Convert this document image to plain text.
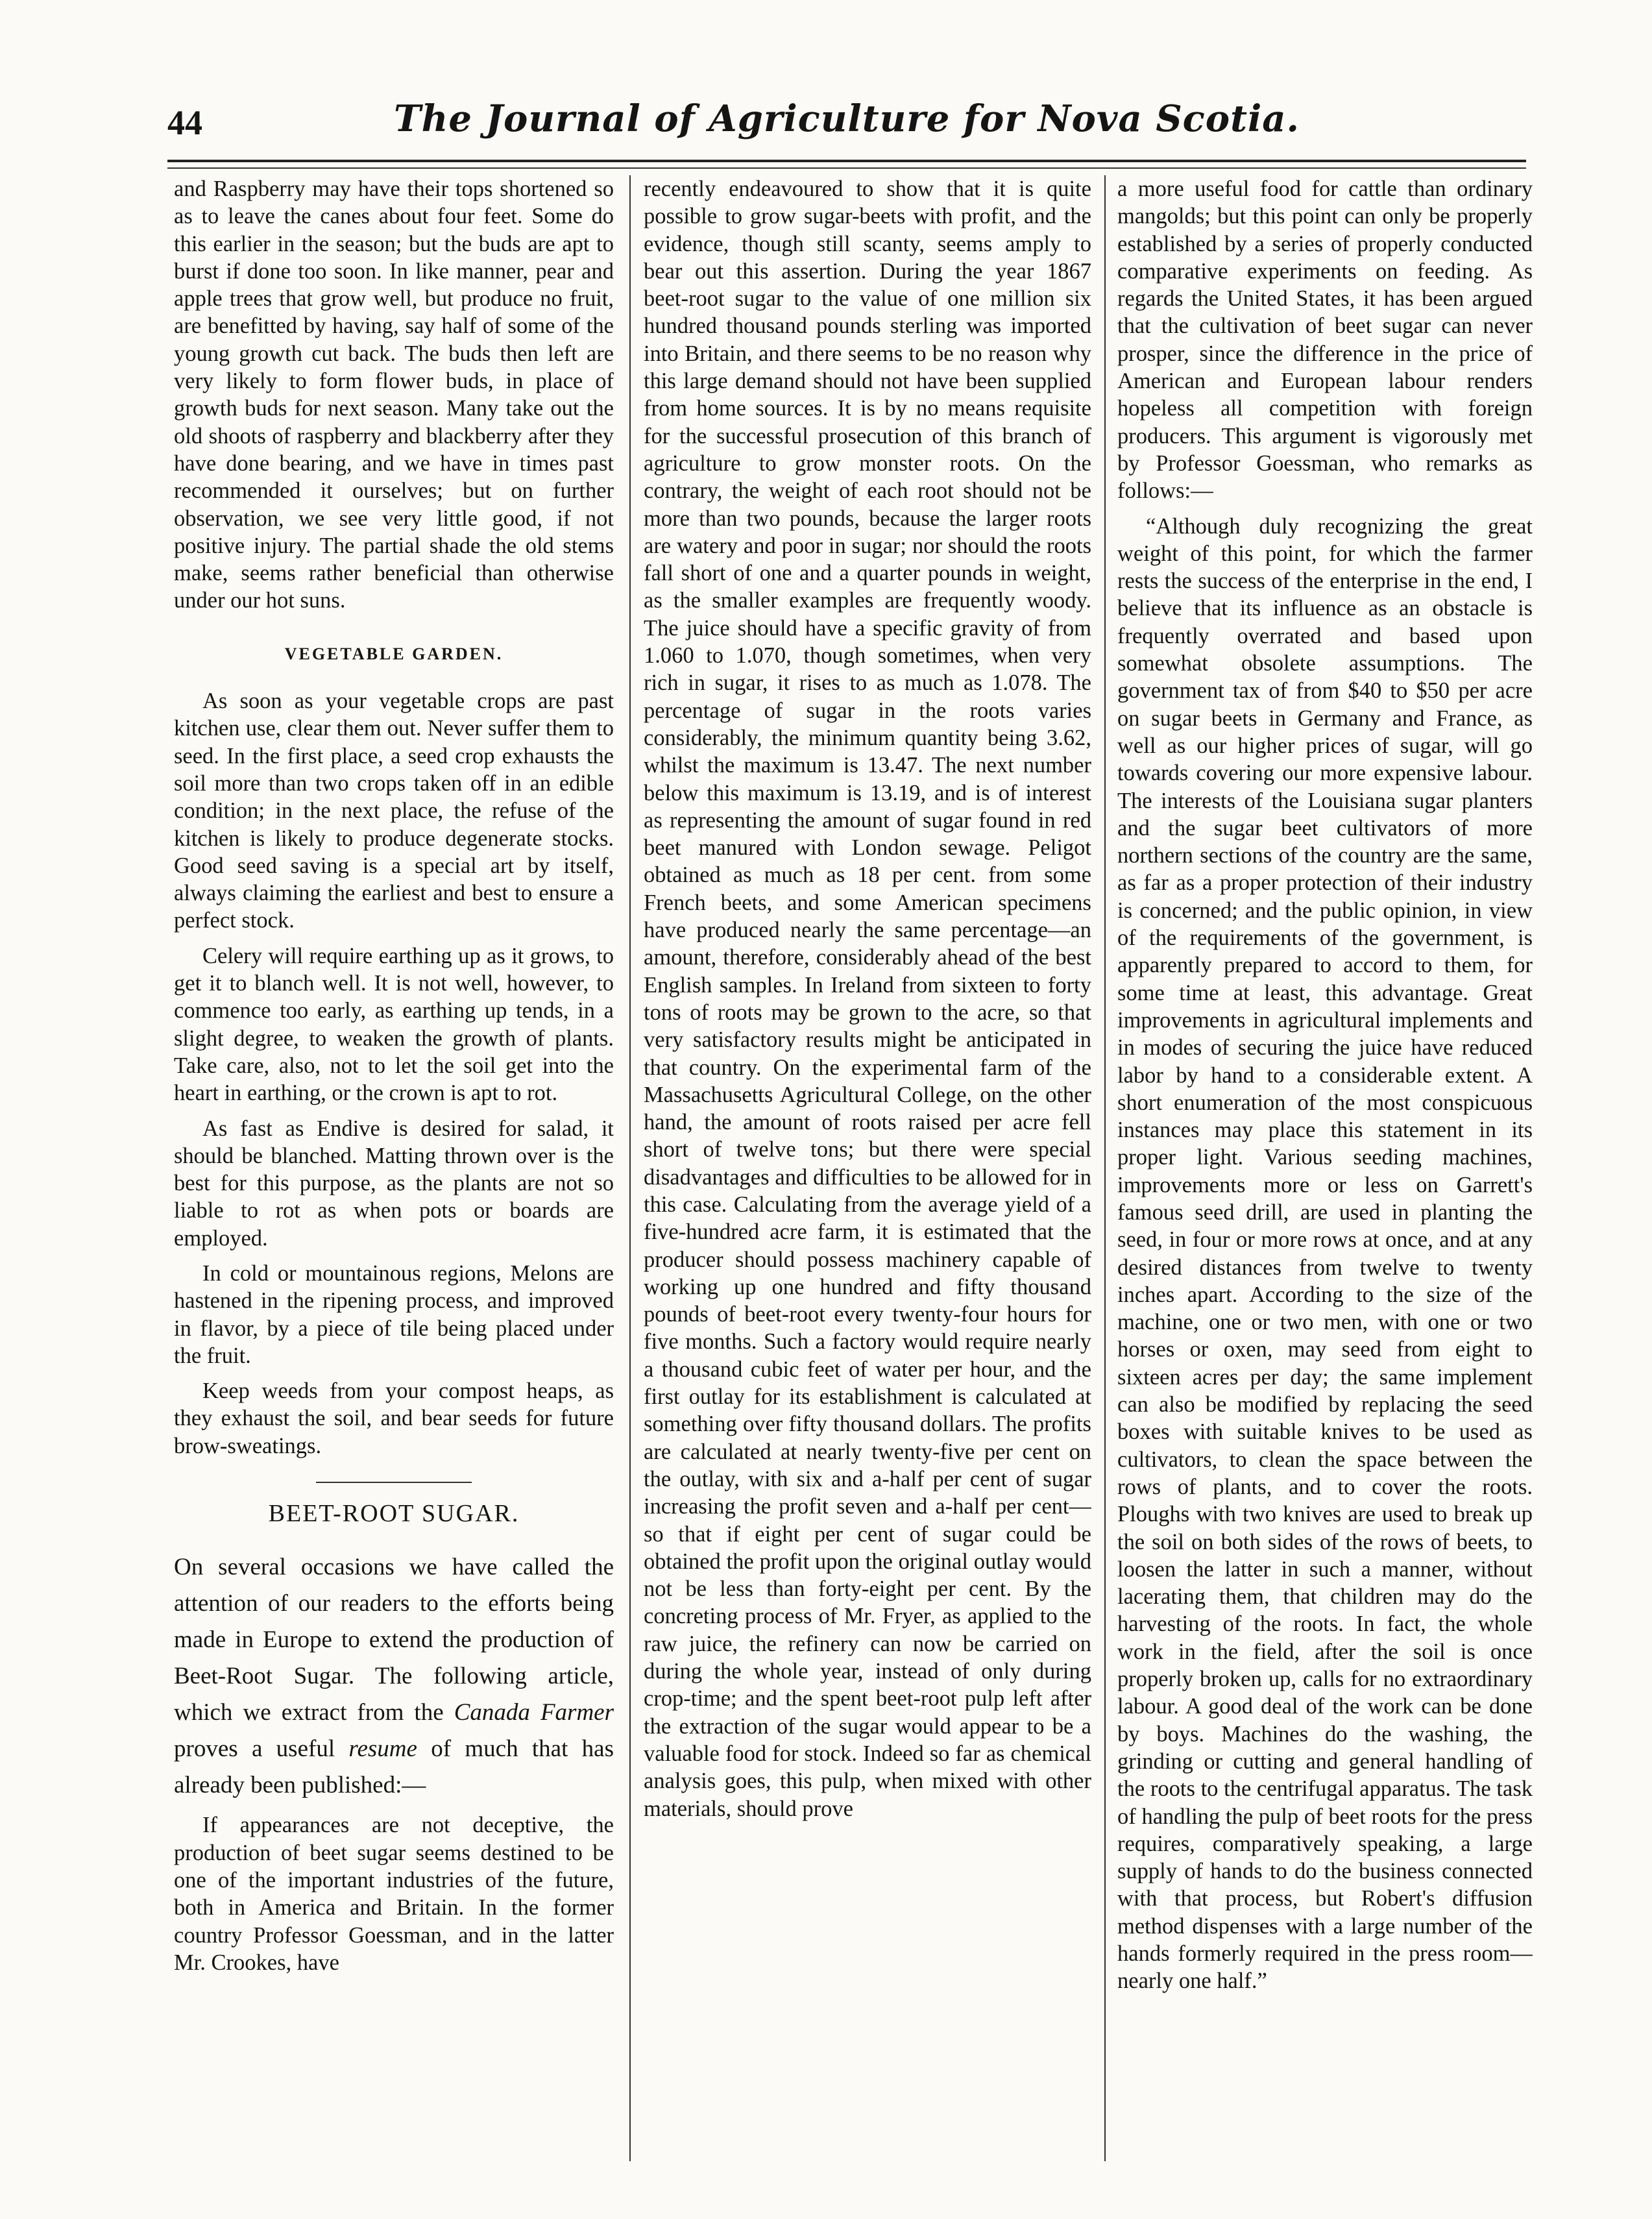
44	The Journal of Agriculture for Nova Scotia.

and Raspberry may have their tops shortened so as to leave the canes about four feet. Some do this earlier in the season; but the buds are apt to burst if done too soon. In like manner, pear and apple trees that grow well, but produce no fruit, are benefitted by having, say half of some of the young growth cut back. The buds then left are very likely to form flower buds, in place of growth buds for next season. Many take out the old shoots of raspberry and blackberry after they have done bearing, and we have in times past recommended it ourselves; but on further observation, we see very little good, if not positive injury. The partial shade the old stems make, seems rather beneficial than otherwise under our hot suns.

VEGETABLE GARDEN.

As soon as your vegetable crops are past kitchen use, clear them out. Never suffer them to seed. In the first place, a seed crop exhausts the soil more than two crops taken off in an edible condition; in the next place, the refuse of the kitchen is likely to produce degenerate stocks. Good seed saving is a special art by itself, always claiming the earliest and best to ensure a perfect stock.

Celery will require earthing up as it grows, to get it to blanch well. It is not well, however, to commence too early, as earthing up tends, in a slight degree, to weaken the growth of plants. Take care, also, not to let the soil get into the heart in earthing, or the crown is apt to rot.

As fast as Endive is desired for salad, it should be blanched. Matting thrown over is the best for this purpose, as the plants are not so liable to rot as when pots or boards are employed.

In cold or mountainous regions, Melons are hastened in the ripening process, and improved in flavor, by a piece of tile being placed under the fruit.

Keep weeds from your compost heaps, as they exhaust the soil, and bear seeds for future brow-sweatings.

BEET-ROOT SUGAR.

On several occasions we have called the attention of our readers to the efforts being made in Europe to extend the production of Beet-Root Sugar. The following article, which we extract from the Canada Farmer proves a useful resume of much that has already been published:—

If appearances are not deceptive, the production of beet sugar seems destined to be one of the important industries of the future, both in America and Britain. In the former country Professor Goessman, and in the latter Mr. Crookes, have

recently endeavoured to show that it is quite possible to grow sugar-beets with profit, and the evidence, though still scanty, seems amply to bear out this assertion. During the year 1867 beet-root sugar to the value of one million six hundred thousand pounds sterling was imported into Britain, and there seems to be no reason why this large demand should not have been supplied from home sources. It is by no means requisite for the successful prosecution of this branch of agriculture to grow monster roots. On the contrary, the weight of each root should not be more than two pounds, because the larger roots are watery and poor in sugar; nor should the roots fall short of one and a quarter pounds in weight, as the smaller examples are frequently woody. The juice should have a specific gravity of from 1.060 to 1.070, though sometimes, when very rich in sugar, it rises to as much as 1.078. The percentage of sugar in the roots varies considerably, the minimum quantity being 3.62, whilst the maximum is 13.47. The next number below this maximum is 13.19, and is of interest as representing the amount of sugar found in red beet manured with London sewage. Peligot obtained as much as 18 per cent. from some French beets, and some American specimens have produced nearly the same percentage—an amount, therefore, considerably ahead of the best English samples. In Ireland from sixteen to forty tons of roots may be grown to the acre, so that very satisfactory results might be anticipated in that country. On the experimental farm of the Massachusetts Agricultural College, on the other hand, the amount of roots raised per acre fell short of twelve tons; but there were special disadvantages and difficulties to be allowed for in this case. Calculating from the average yield of a five-hundred acre farm, it is estimated that the producer should possess machinery capable of working up one hundred and fifty thousand pounds of beet-root every twenty-four hours for five months. Such a factory would require nearly a thousand cubic feet of water per hour, and the first outlay for its establishment is calculated at something over fifty thousand dollars. The profits are calculated at nearly twenty-five per cent on the outlay, with six and a-half per cent of sugar increasing the profit seven and a-half per cent—so that if eight per cent of sugar could be obtained the profit upon the original outlay would not be less than forty-eight per cent. By the concreting process of Mr. Fryer, as applied to the raw juice, the refinery can now be carried on during the whole year, instead of only during crop-time; and the spent beet-root pulp left after the extraction of the sugar would appear to be a valuable food for stock. Indeed so far as chemical analysis goes, this pulp, when mixed with other materials, should prove

a more useful food for cattle than ordinary mangolds; but this point can only be properly established by a series of properly conducted comparative experiments on feeding. As regards the United States, it has been argued that the cultivation of beet sugar can never prosper, since the difference in the price of American and European labour renders hopeless all competition with foreign producers. This argument is vigorously met by Professor Goessman, who remarks as follows:—

“Although duly recognizing the great weight of this point, for which the farmer rests the success of the enterprise in the end, I believe that its influence as an obstacle is frequently overrated and based upon somewhat obsolete assumptions. The government tax of from $40 to $50 per acre on sugar beets in Germany and France, as well as our higher prices of sugar, will go towards covering our more expensive labour. The interests of the Louisiana sugar planters and the sugar beet cultivators of more northern sections of the country are the same, as far as a proper protection of their industry is concerned; and the public opinion, in view of the requirements of the government, is apparently prepared to accord to them, for some time at least, this advantage. Great improvements in agricultural implements and in modes of securing the juice have reduced labor by hand to a considerable extent. A short enumeration of the most conspicuous instances may place this statement in its proper light. Various seeding machines, improvements more or less on Garrett's famous seed drill, are used in planting the seed, in four or more rows at once, and at any desired distances from twelve to twenty inches apart. According to the size of the machine, one or two men, with one or two horses or oxen, may seed from eight to sixteen acres per day; the same implement can also be modified by replacing the seed boxes with suitable knives to be used as cultivators, to clean the space between the rows of plants, and to cover the roots. Ploughs with two knives are used to break up the soil on both sides of the rows of beets, to loosen the latter in such a manner, without lacerating them, that children may do the harvesting of the roots. In fact, the whole work in the field, after the soil is once properly broken up, calls for no extraordinary labour. A good deal of the work can be done by boys. Machines do the washing, the grinding or cutting and general handling of the roots to the centrifugal apparatus. The task of handling the pulp of beet roots for the press requires, comparatively speaking, a large supply of hands to do the business connected with that process, but Robert's diffusion method dispenses with a large number of the hands formerly required in the press room—nearly one half.”
